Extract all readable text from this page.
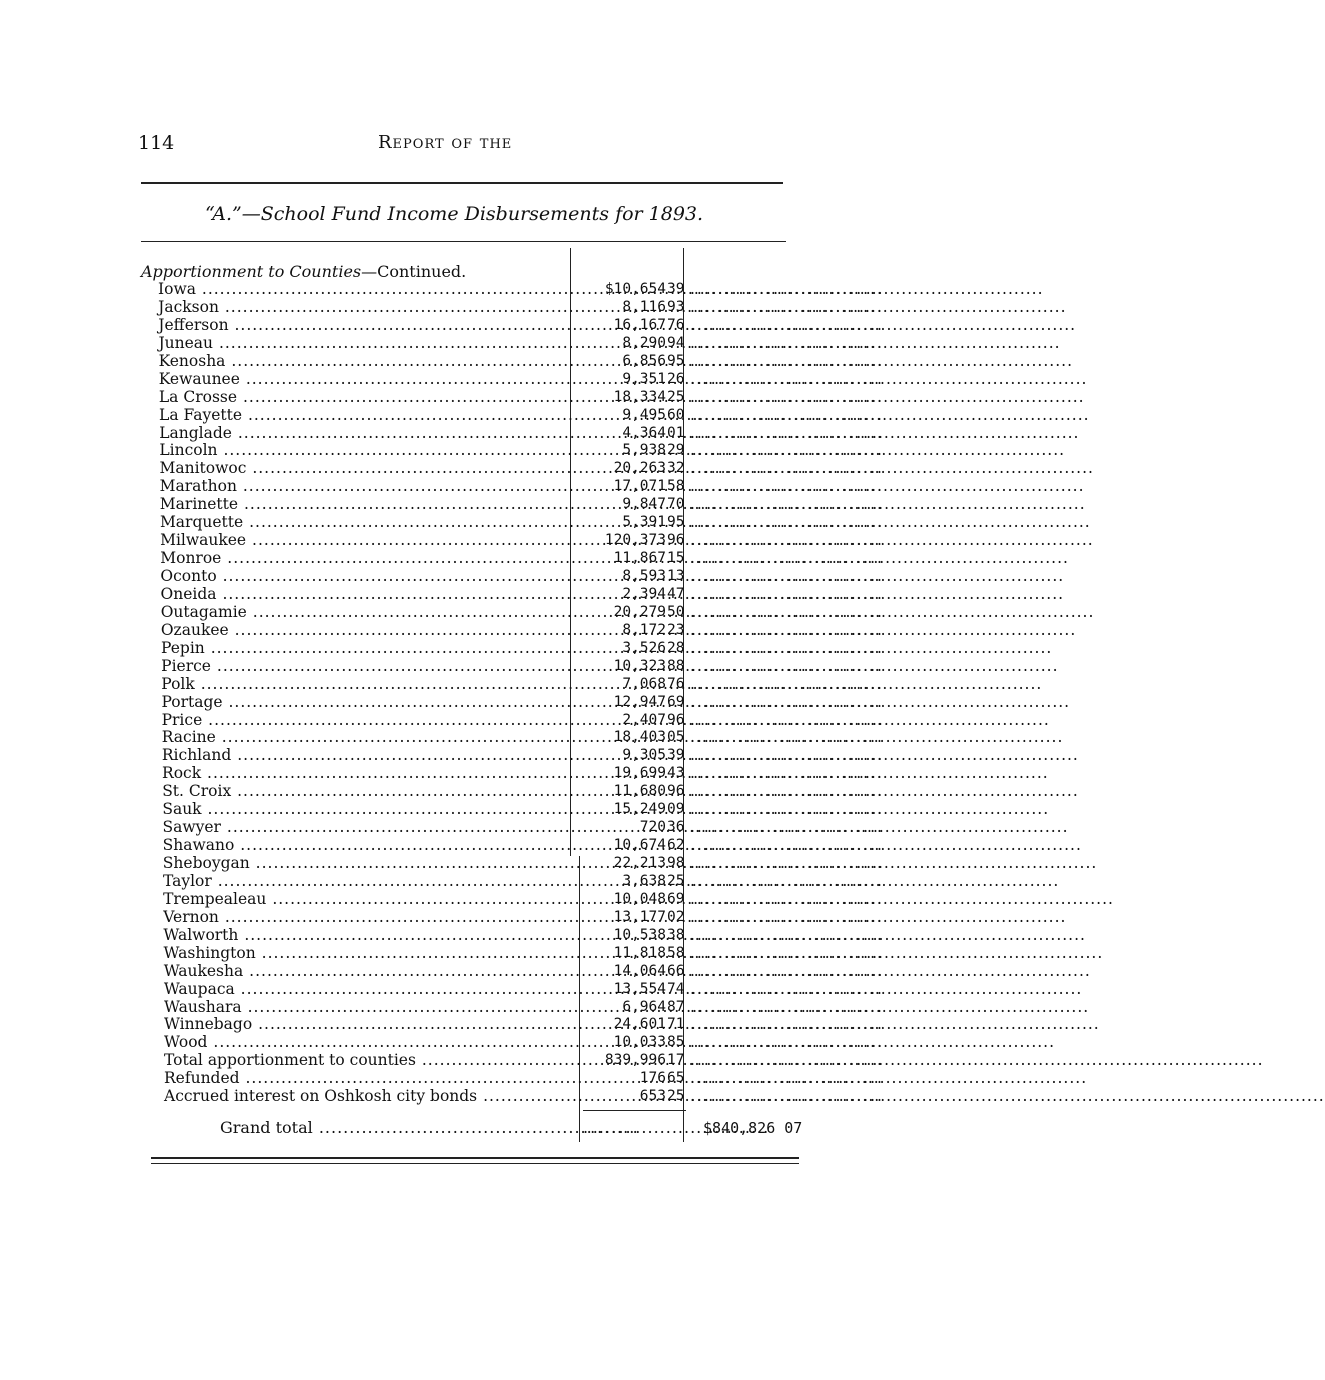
114	Report of the
“A.”—School Fund Income Disbursements for 1893.
Apportionment to Counties—Continued.
Iowa .....	$10,654 39 ............................
Jackson .....	8,116 93 ............................
Jefferson .....	16,167 76 ............................
Juneau .....	8,290 94 ............................
Kenosha .....	6,856 95 ............................
Kewaunee .....	9,351 26 ............................
La Crosse .....	18,334 25 ............................
La Fayette .....	9,495 60 ............................
Langlade .....	4,364 01 ............................
Lincoln .....	5,938 29 ............................
Manitowoc .....	20,263 32 ............................
Marathon .....	17,071 58 ............................
Marinette .....	9,847 70 ............................
Marquette .....	5,391 95 ............................
Milwaukee .....	120,373 96 ............................
Monroe .....	11,867 15 ............................
Oconto .....	8,593 13 ............................
Oneida .....	2,394 47 ............................
Outagamie .....	20,279 50 ............................
Ozaukee .....	8,172 23 ............................
Pepin .....	3,526 28 ............................
Pierce .....	10,323 88 ............................
Polk .....	7,068 76 ............................
Portage .....	12,947 69 ............................
Price .....	2,407 96 ............................
Racine .....	18,403 05 ............................
Richland .....	9,305 39 ............................
Rock .....	19,699 43 ............................
St. Croix .....	11,680 96 ............................
Sauk .....	15,249 09 ............................
Sawyer .....	720 36 ............................
Shawano .....	10,674 62 ............................
Sheboygan .....	22,213 98 ............................
Taylor .....	3,638 25 ............................
Trempealeau .....	10,048 69 ............................
Vernon .....	13,177 02 ............................
Walworth .....	10,538 38 ............................
Washington .....	11,818 58 ............................
Waukesha .....	14,064 66 ............................
Waupaca .....	13,554 74 ............................
Waushara .....	6,964 87 ............................
Winnebago .....	24,601 71 ............................
Wood .....	10,033 85 ............................
Total apportionment to counties .....	839,996 17 ............................
Refunded .....	176 65 ............................
Accrued interest on Oshkosh city bonds .....	653 25 ............................
Grand total .....	........	$840,826 07
